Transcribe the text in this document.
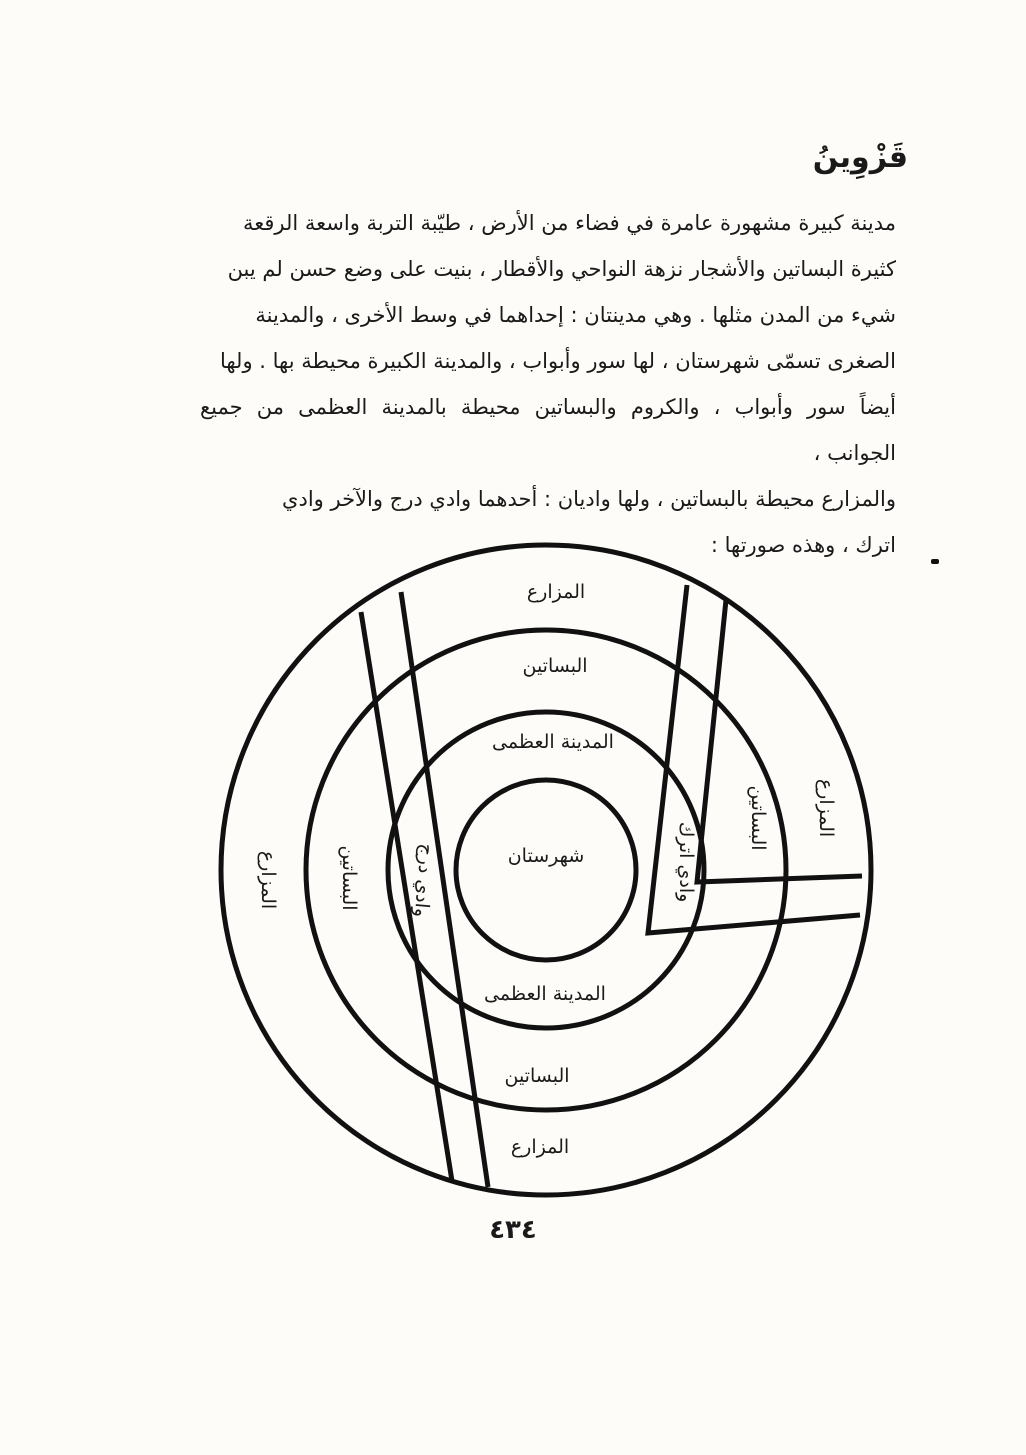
قَزْوِينُ
مدينة كبيرة مشهورة عامرة في فضاء من الأرض ، طيّبة التربة واسعة الرقعة
كثيرة البساتين والأشجار نزهة النواحي والأقطار ، بنيت على وضع حسن لم يبن
شيء من المدن مثلها . وهي مدينتان : إحداهما في وسط الأخرى ، والمدينة
الصغرى تسمّى شهرستان ، لها سور وأبواب ، والمدينة الكبيرة محيطة بها . ولها
أيضاً سور وأبواب ، والكروم والبساتين محيطة بالمدينة العظمى من جميع الجوانب ،
والمزارع محيطة بالبساتين ، ولها واديان : أحدهما وادي درج والآخر وادي
اترك ، وهذه صورتها :
شهرستان
المدينة العظمى
المدينة العظمى
البساتين
البساتين
المزارع
المزارع
المزارع
المزارع
البساتين
البساتين
وادي درج	وادي اترك
٤٣٤
